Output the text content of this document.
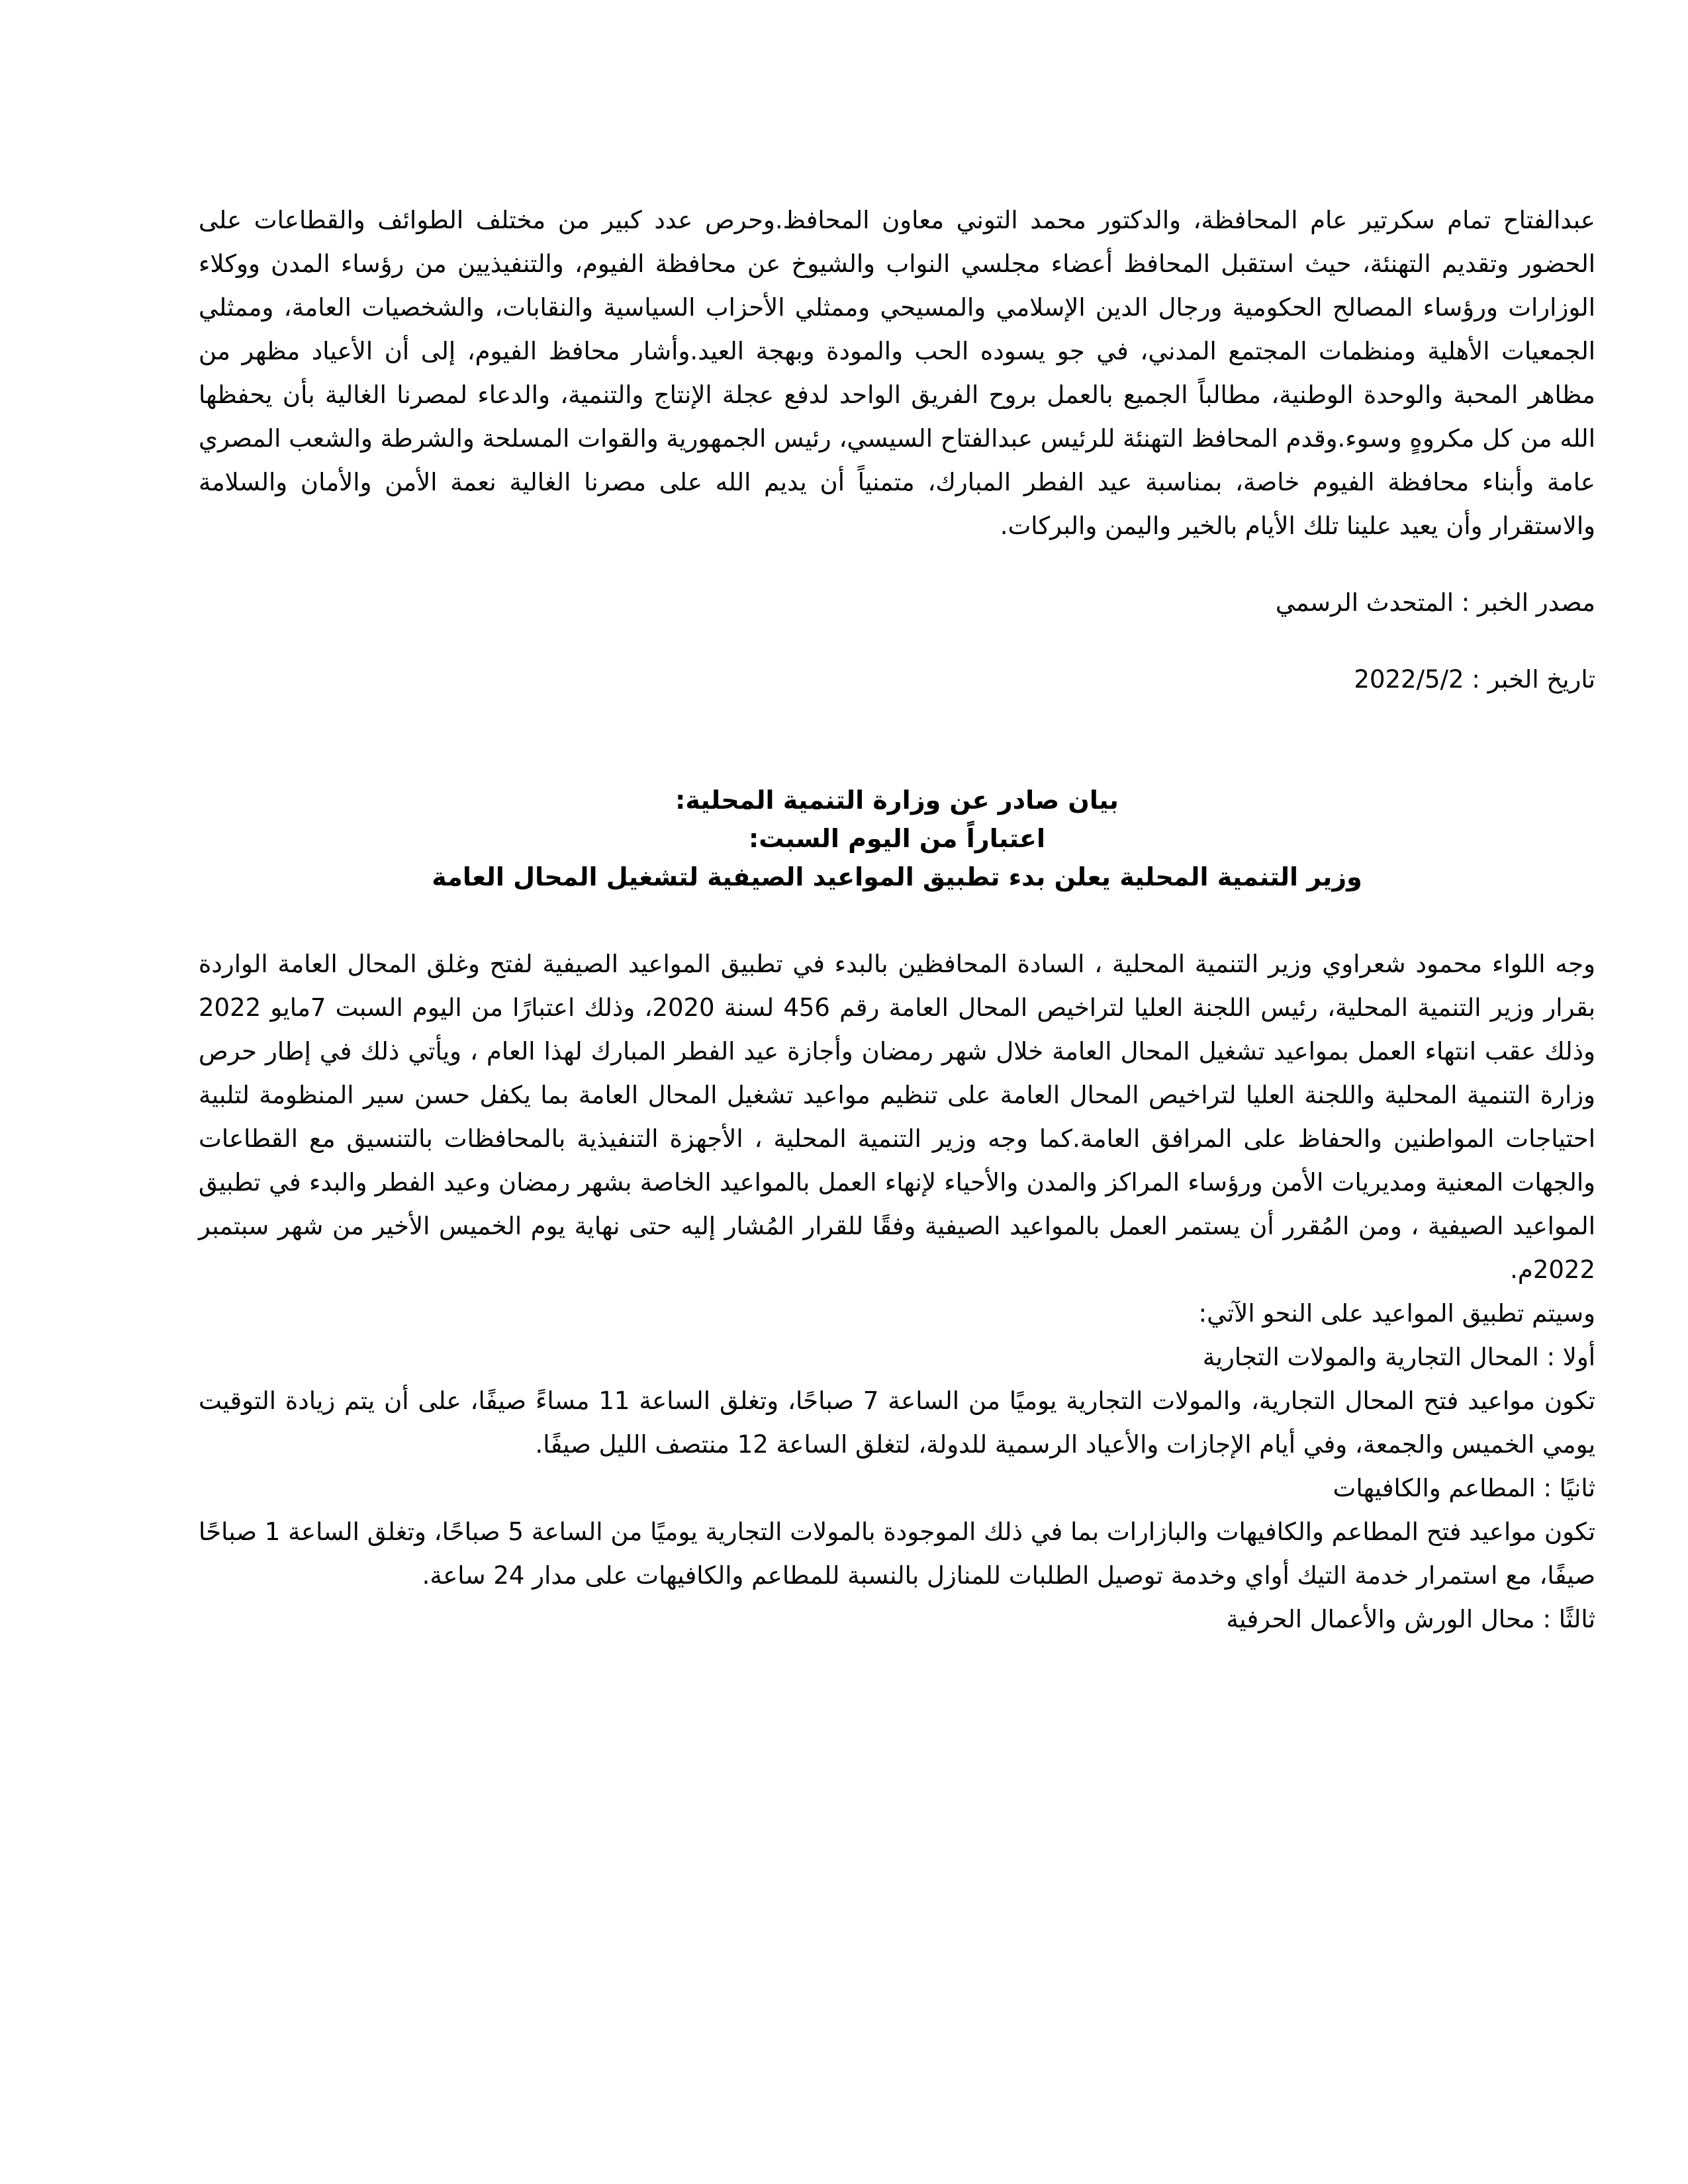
عبدالفتاح تمام سكرتير عام المحافظة، والدكتور محمد التوني معاون المحافظ.وحرص عدد كبير من مختلف الطوائف والقطاعات على الحضور وتقديم التهنئة، حيث استقبل المحافظ أعضاء مجلسي النواب والشيوخ عن محافظة الفيوم، والتنفيذيين من رؤساء المدن ووكلاء الوزارات ورؤساء المصالح الحكومية ورجال الدين الإسلامي والمسيحي وممثلي الأحزاب السياسية والنقابات، والشخصيات العامة، وممثلي الجمعيات الأهلية ومنظمات المجتمع المدني، في جو يسوده الحب والمودة وبهجة العيد.وأشار محافظ الفيوم، إلى أن الأعياد مظهر من مظاهر المحبة والوحدة الوطنية، مطالباً الجميع بالعمل بروح الفريق الواحد لدفع عجلة الإنتاج والتنمية، والدعاء لمصرنا الغالية بأن يحفظها الله من كل مكروهٍ وسوء.وقدم المحافظ التهنئة للرئيس عبدالفتاح السيسي، رئيس الجمهورية والقوات المسلحة والشرطة والشعب المصري عامة وأبناء محافظة الفيوم خاصة، بمناسبة عيد الفطر المبارك، متمنياً أن يديم الله على مصرنا الغالية نعمة الأمن والأمان والسلامة والاستقرار وأن يعيد علينا تلك الأيام بالخير واليمن والبركات.

مصدر الخبر : المتحدث الرسمي

تاريخ الخبر : 2022/5/2

بيان صادر عن وزارة التنمية المحلية:
اعتباراً من اليوم السبت:
وزير التنمية المحلية يعلن بدء تطبيق المواعيد الصيفية لتشغيل المحال العامة

وجه اللواء محمود شعراوي وزير التنمية المحلية ، السادة المحافظين بالبدء في تطبيق المواعيد الصيفية لفتح وغلق المحال العامة الواردة بقرار وزير التنمية المحلية، رئيس اللجنة العليا لتراخيص المحال العامة رقم 456 لسنة 2020، وذلك اعتبارًا من اليوم السبت 7مايو 2022 وذلك عقب انتهاء العمل بمواعيد تشغيل المحال العامة خلال شهر رمضان وأجازة عيد الفطر المبارك لهذا العام ، ويأتي ذلك في إطار حرص وزارة التنمية المحلية واللجنة العليا لتراخيص المحال العامة على تنظيم مواعيد تشغيل المحال العامة بما يكفل حسن سير المنظومة لتلبية احتياجات المواطنين والحفاظ على المرافق العامة.كما وجه وزير التنمية المحلية ، الأجهزة التنفيذية بالمحافظات بالتنسيق مع القطاعات والجهات المعنية ومديريات الأمن ورؤساء المراكز والمدن والأحياء لإنهاء العمل بالمواعيد الخاصة بشهر رمضان وعيد الفطر والبدء في تطبيق المواعيد الصيفية ، ومن المُقرر أن يستمر العمل بالمواعيد الصيفية وفقًا للقرار المُشار إليه حتى نهاية يوم الخميس الأخير من شهر سبتمبر 2022م.

وسيتم تطبيق المواعيد على النحو الآتي:

أولا : المحال التجارية والمولات التجارية

تكون مواعيد فتح المحال التجارية، والمولات التجارية يوميًا من الساعة 7 صباحًا، وتغلق الساعة 11 مساءً صيفًا، على أن يتم زيادة التوقيت يومي الخميس والجمعة، وفي أيام الإجازات والأعياد الرسمية للدولة، لتغلق الساعة 12 منتصف الليل صيفًا.

ثانيًا : المطاعم والكافيهات

تكون مواعيد فتح المطاعم والكافيهات والبازارات بما في ذلك الموجودة بالمولات التجارية يوميًا من الساعة 5 صباحًا، وتغلق الساعة 1 صباحًا صيفًا، مع استمرار خدمة التيك أواي وخدمة توصيل الطلبات للمنازل بالنسبة للمطاعم والكافيهات على مدار 24 ساعة.

ثالثًا : محال الورش والأعمال الحرفية
